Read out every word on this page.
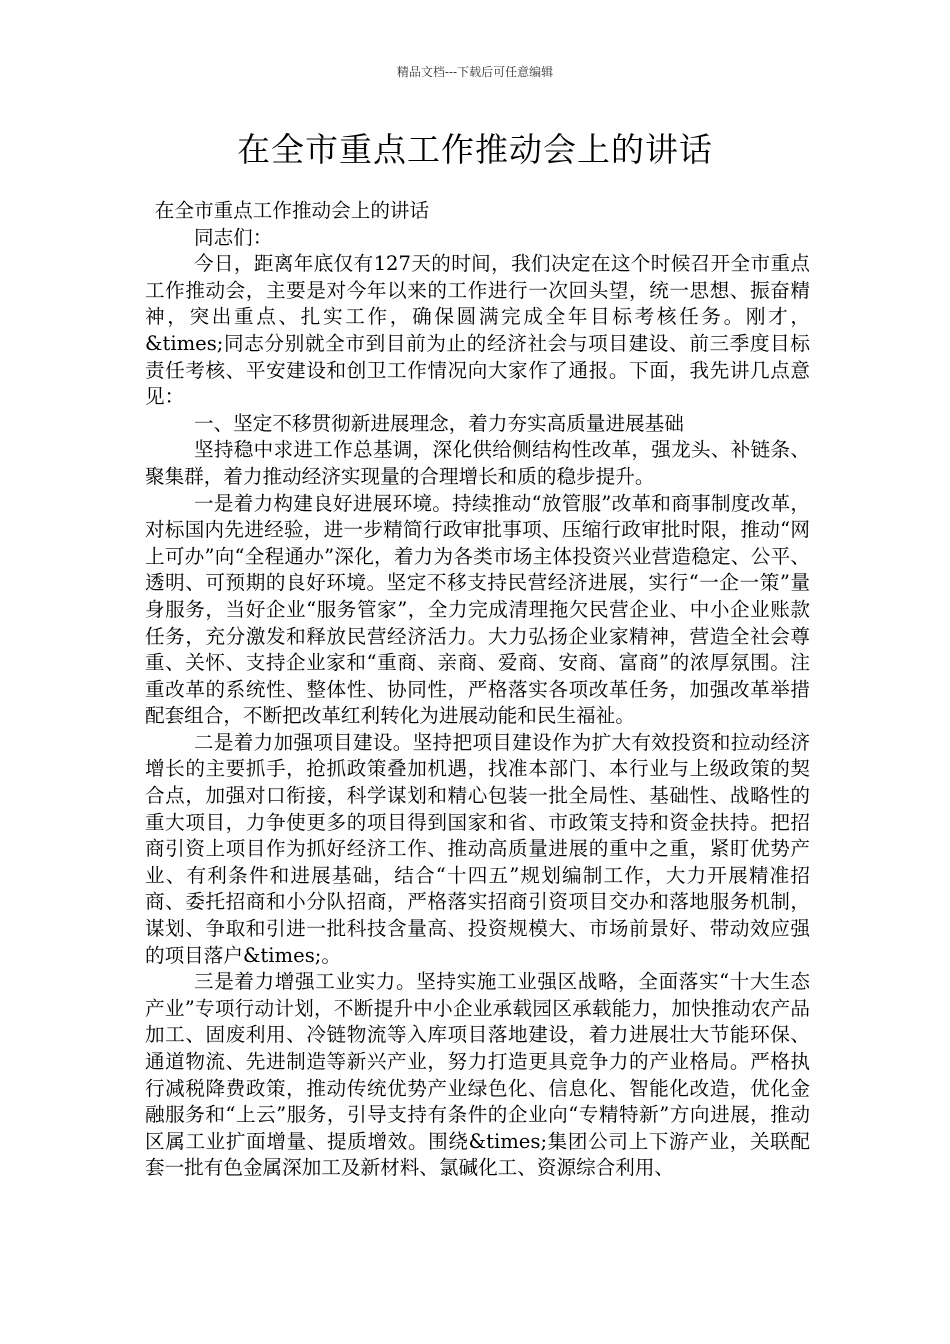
精品文档---下载后可任意编辑
在全市重点工作推动会上的讲话

在全市重点工作推动会上的讲话

同志们：

今日，距离年底仅有127天的时间，我们决定在这个时候召开全市重点工作推动会，主要是对今年以来的工作进行一次回头望，统一思想、振奋精神，突出重点、扎实工作，确保圆满完成全年目标考核任务。刚才，&times;同志分别就全市到目前为止的经济社会与项目建设、前三季度目标责任考核、平安建设和创卫工作情况向大家作了通报。下面，我先讲几点意见：

一、坚定不移贯彻新进展理念，着力夯实高质量进展基础

坚持稳中求进工作总基调，深化供给侧结构性改革，强龙头、补链条、聚集群，着力推动经济实现量的合理增长和质的稳步提升。

一是着力构建良好进展环境。持续推动“放管服”改革和商事制度改革，对标国内先进经验，进一步精简行政审批事项、压缩行政审批时限，推动“网上可办”向“全程通办”深化，着力为各类市场主体投资兴业营造稳定、公平、透明、可预期的良好环境。坚定不移支持民营经济进展，实行“一企一策”量身服务，当好企业“服务管家”，全力完成清理拖欠民营企业、中小企业账款任务，充分激发和释放民营经济活力。大力弘扬企业家精神，营造全社会尊重、关怀、支持企业家和“重商、亲商、爱商、安商、富商”的浓厚氛围。注重改革的系统性、整体性、协同性，严格落实各项改革任务，加强改革举措配套组合，不断把改革红利转化为进展动能和民生福祉。

二是着力加强项目建设。坚持把项目建设作为扩大有效投资和拉动经济增长的主要抓手，抢抓政策叠加机遇，找准本部门、本行业与上级政策的契合点，加强对口衔接，科学谋划和精心包装一批全局性、基础性、战略性的重大项目，力争使更多的项目得到国家和省、市政策支持和资金扶持。把招商引资上项目作为抓好经济工作、推动高质量进展的重中之重，紧盯优势产业、有利条件和进展基础，结合“十四五”规划编制工作，大力开展精准招商、委托招商和小分队招商，严格落实招商引资项目交办和落地服务机制，谋划、争取和引进一批科技含量高、投资规模大、市场前景好、带动效应强的项目落户&times;。

三是着力增强工业实力。坚持实施工业强区战略，全面落实“十大生态产业”专项行动计划，不断提升中小企业承载园区承载能力，加快推动农产品加工、固废利用、冷链物流等入库项目落地建设，着力进展壮大节能环保、通道物流、先进制造等新兴产业，努力打造更具竞争力的产业格局。严格执行减税降费政策，推动传统优势产业绿色化、信息化、智能化改造，优化金融服务和“上云”服务，引导支持有条件的企业向“专精特新”方向进展，推动区属工业扩面增量、提质增效。围绕&times;集团公司上下游产业，关联配套一批有色金属深加工及新材料、氯碱化工、资源综合利用、
